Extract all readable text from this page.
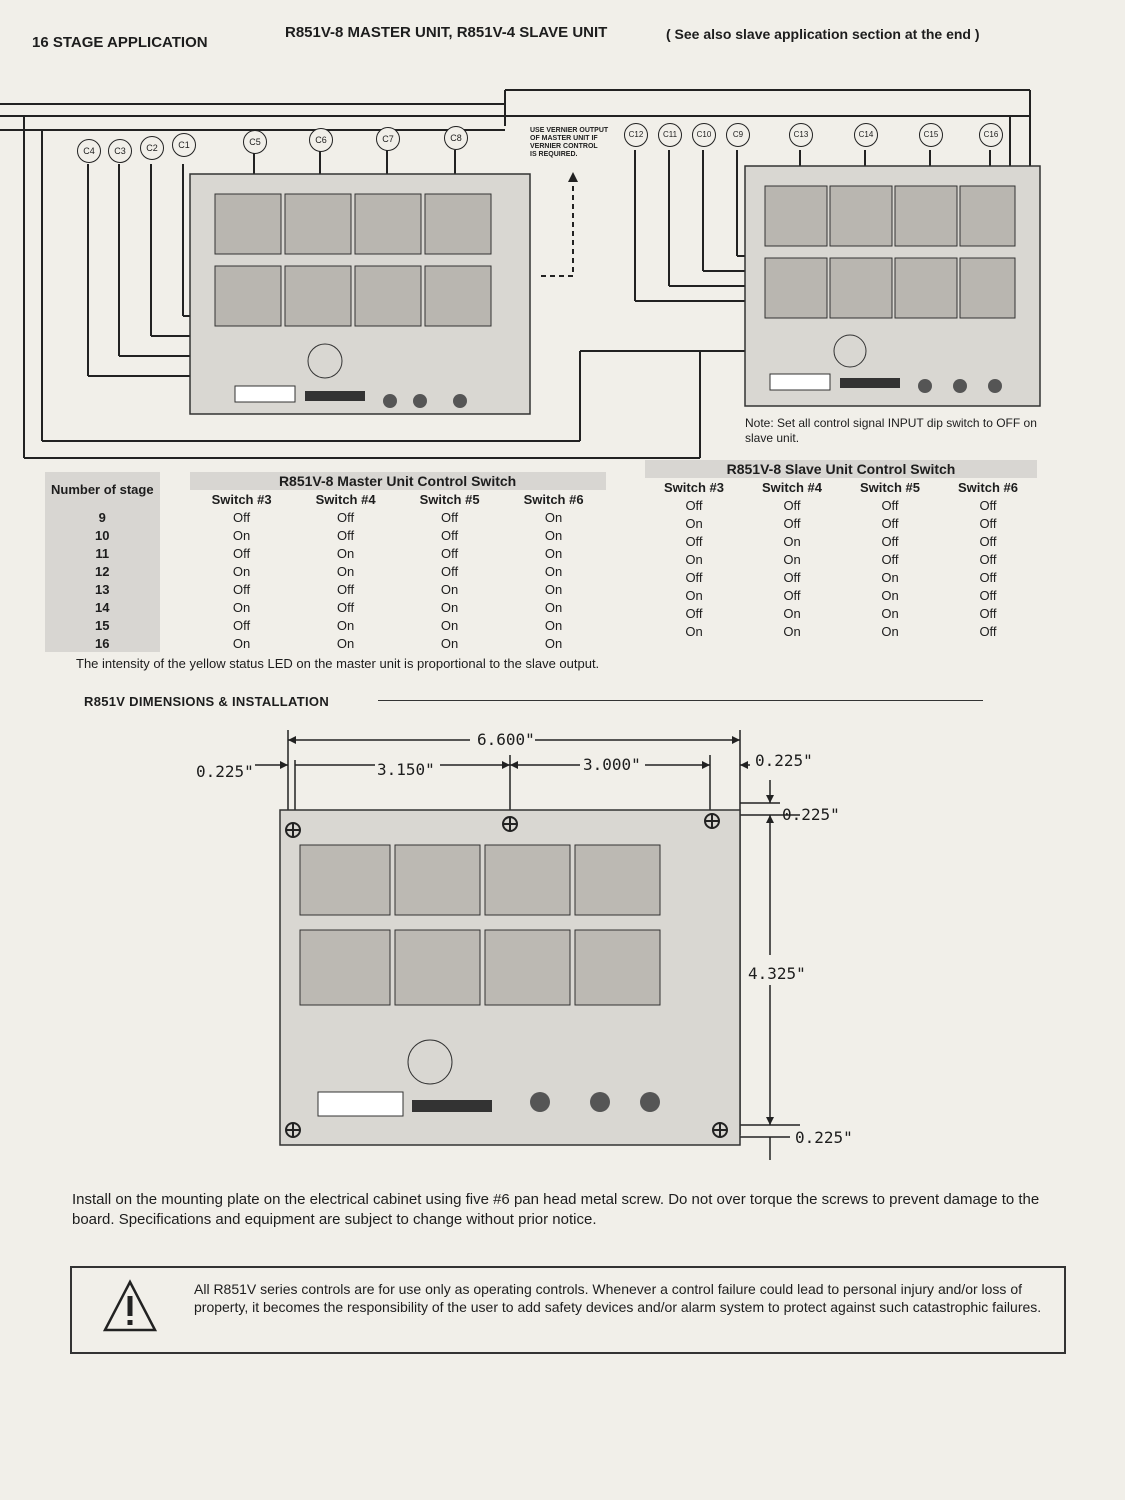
16 STAGE APPLICATION
R851V-8 MASTER UNIT, R851V-4 SLAVE UNIT	( See also slave application section at the end )
C4	C3	C2	C1	C5	C6	C7	C8	C12	C11	C10	C9	C13	C14	C15	C16
USE VERNIER OUTPUT
OF MASTER UNIT IF
VERNIER CONTROL
IS REQUIRED.
Note: Set all control signal INPUT dip switch to OFF on slave unit.
Number of stage		R851V-8 Master Unit Control Switch			
		Switch #3	Switch #4	Switch #5	Switch #6
9		Off	Off	Off	On
10		On	Off	Off	On
11		Off	On	Off	On
12		On	On	Off	On
13		Off	Off	On	On
14		On	Off	On	On
15		Off	On	On	On
16		On	On	On	On
R851V-8 Slave Unit Control Switch			
Switch #3	Switch #4	Switch #5	Switch #6
Off	Off	Off	Off
On	Off	Off	Off
Off	On	Off	Off
On	On	Off	Off
Off	Off	On	Off
On	Off	On	Off
Off	On	On	Off
On	On	On	Off
The intensity of the yellow status LED on the master unit is proportional to the slave output.
R851V DIMENSIONS & INSTALLATION
6.600"
0.225"	3.150"	3.000"	0.225"
0.225"
4.325"
0.225"
Install on the mounting plate on the electrical cabinet using five #6 pan head metal screw. Do not over torque the screws to prevent damage to the board. Specifications and equipment are subject to change without prior notice.
All R851V series controls are for use only as operating controls. Whenever a control failure could lead to personal injury and/or loss of property, it becomes the responsibility of the user to add safety devices and/or alarm system to protect against such catastrophic failures.
